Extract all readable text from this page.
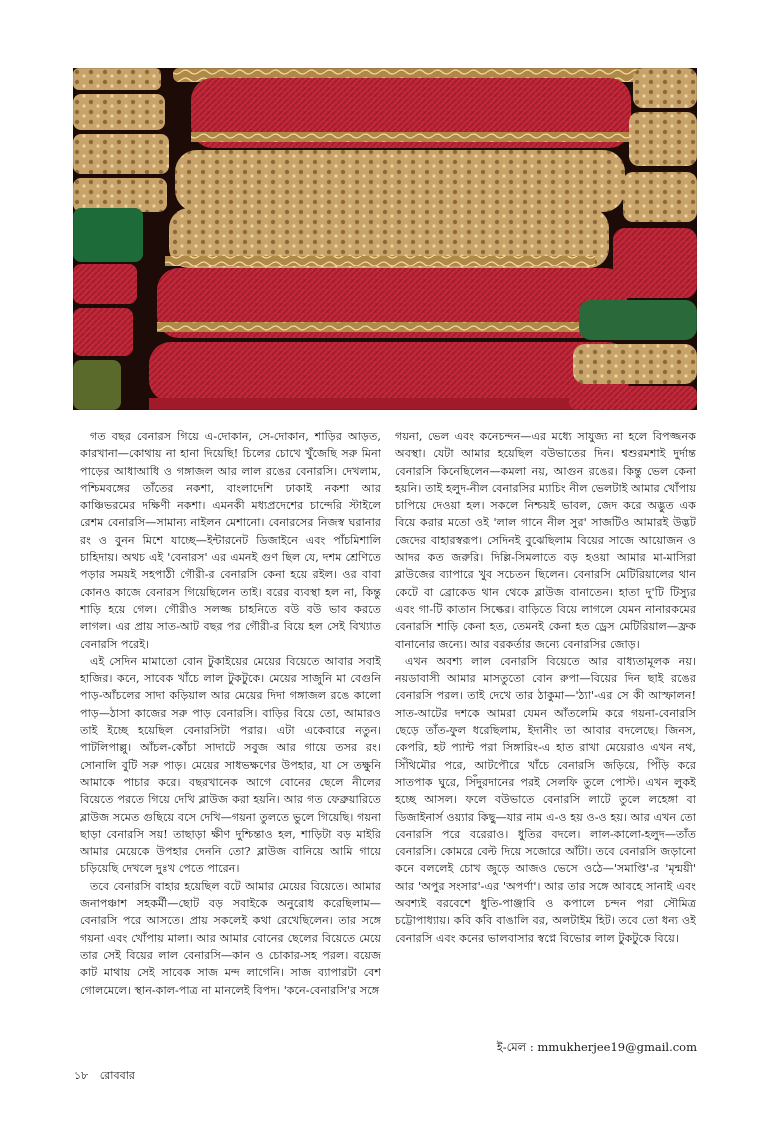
গত বছর বেনারস গিয়ে এ-দোকান, সে-দোকান, শাড়ির আড়ত, কারখানা—কোথায় না হানা দিয়েছি! চিলের চোখে খুঁজেছি সরু মিনা পাড়ের আধাআধি ও গঙ্গাজল আর লাল রঙের বেনারসি। দেখলাম, পশ্চিমবঙ্গের তাঁতের নকশা, বাংলাদেশি ঢাকাই নকশা আর কাঞ্চিভরমের দক্ষিণী নকশা। এমনকী মধ্যপ্রদেশের চান্দেরি স্টাইলে রেশম বেনারসি—সামান্য নাইলন মেশানো। বেনারসের নিজস্ব ঘরানার রং ও বুনন মিশে যাচ্ছে—ইন্টারনেট ডিজাইনে এবং পাঁচমিশালি চাহিদায়। অথচ এই 'বেনারস' এর এমনই গুণ ছিল যে, দশম শ্রেণিতে পড়ার সময়ই সহপাঠী গৌরী-র বেনারসি কেনা হয়ে রইল। ওর বাবা কোনও কাজে বেনারস গিয়েছিলেন তাই। বরের ব্যবস্থা হল না, কিন্তু শাড়ি হয়ে গেল। গৌরীও সলজ্জ চাহনিতে বউ বউ ভাব করতে লাগল। এর প্রায় সাত-আট বছর পর গৌরী-র বিয়ে হল সেই বিখ্যাত বেনারসি পরেই।

এই সেদিন মামাতো বোন টুকাইয়ের মেয়ের বিয়েতে আবার সবাই হাজির। কনে, সাবেক খাঁচে লাল টুকটুকে। মেয়ের সাজুনি মা বেগুনি পাড়-আঁচলের সাদা কড়িয়াল আর মেয়ের দিদা গঙ্গাজল রঙে কালো পাড়—ঠাসা কাজের সরু পাড় বেনারসি। বাড়ির বিয়ে তো, আমারও তাই ইচ্ছে হয়েছিল বেনারসিটা পরার। এটা একেবারে নতুন। পাটলিপাল্লু। আঁচল-কোঁচা সাদাটে সবুজ আর গায়ে তসর রং। সোনালি বুটি সরু পাড়। মেয়ের সাধভক্ষণের উপহার, যা সে তক্ষুনি আমাকে পাচার করে। বছরখানেক আগে বোনের ছেলে নীলের বিয়েতে পরতে গিয়ে দেখি ব্লাউজ করা হয়নি। আর গত ফেব্রুয়ারিতে ব্লাউজ সমেত গুছিয়ে বসে দেখি—গয়না তুলতে ভুলে গিয়েছি। গয়না ছাড়া বেনারসি সয়! তাছাড়া ক্ষীণ দুশ্চিন্তাও হল, শাড়িটা বড় মাইরি আমার মেয়েকে উপহার দেননি তো? ব্লাউজ বানিয়ে আমি গায়ে চড়িয়েছি দেখলে দুঃখ পেতে পারেন।

তবে বেনারসি বাহার হয়েছিল বটে আমার মেয়ের বিয়েতে। আমার জনাপঞ্চাশ সহকর্মী—ছোট বড় সবাইকে অনুরোধ করেছিলাম—বেনারসি পরে আসতে। প্রায় সকলেই কথা রেখেছিলেন। তার সঙ্গে গয়না এবং খোঁপায় মালা। আর আমার বোনের ছেলের বিয়েতে মেয়ে তার সেই বিয়ের লাল বেনারসি—কান ও চোকার-সহ পরল। বয়েজ কাট মাথায় সেই সাবেক সাজ মন্দ লাগেনি। সাজ ব্যাপারটা বেশ গোলমেলে। স্থান-কাল-পাত্র না মানলেই বিপদ। 'কনে-বেনারসি'র সঙ্গে

গয়না, ভেল এবং কনেচন্দন—এর মধ্যে সাযুজ্য না হলে বিপজ্জনক অবস্থা। যেটা আমার হয়েছিল বউভাতের দিন। শ্বশুরমশাই দুর্দান্ত বেনারসি কিনেছিলেন—কমলা নয়, আগুন রঙের। কিন্তু ভেল কেনা হয়নি। তাই হলুদ-নীল বেনারসির ম্যাচিং নীল ভেলটাই আমার খোঁপায় চাপিয়ে দেওয়া হল। সকলে নিশ্চয়ই ভাবল, জেদ করে অদ্ভুত এক বিয়ে করার মতো ওই 'লাল গানে নীল সুর' সাজটিও আমারই উদ্ভট জেদের বাহারস্বরূপ। সেদিনই বুঝেছিলাম বিয়ের সাজে আয়োজন ও আদর কত জরুরি। দিল্লি-সিমলাতে বড় হওয়া আমার মা-মাসিরা ব্লাউজের ব্যাপারে খুব সচেতন ছিলেন। বেনারসি মেটিরিয়ালের থান কেটে বা ব্রোকেড থান থেকে ব্লাউজ বানাতেন। হাতা দু'টি টিস্যুর এবং গা-টি কাতান সিল্কের। বাড়িতে বিয়ে লাগলে যেমন নানারকমের বেনারসি শাড়ি কেনা হত, তেমনই কেনা হত ড্রেস মেটিরিয়াল—ফ্রক বানানোর জন্যে। আর বরকর্তার জন্যে বেনারসির জোড়।

এখন অবশ্য লাল বেনারসি বিয়েতে আর বাধ্যতামূলক নয়। নয়ডাবাসী আমার মাসতুতো বোন রুপা—বিয়ের দিন ছাই রঙের বেনারসি পরল। তাই দেখে তার ঠাকুমা—'ঠ্যা'-এর সে কী আস্ফালন! সাত-আটের দশকে আমরা যেমন আঁতলেমি করে গয়না-বেনারসি ছেড়ে তাঁত-ফুল ধরেছিলাম, ইদানীং তা আবার বদলেছে। জিনস, কেপরি, হট প্যান্ট পরা সিঙ্গারিং-এ হাত রাখা মেয়েরাও এখন নথ, সিঁথিমৌর পরে, আটপৌরে খাঁচে বেনারসি জড়িয়ে, পিঁড়ি করে সাতপাক ঘুরে, সিঁদুরদানের পরই সেলফি তুলে পোস্ট। এখন লুকই হচ্ছে আসল। ফলে বউভাতে বেনারসি লাটে তুলে লহেঙ্গা বা ডিজাইনার্স ওয়্যার কিছু—যার নাম এ-ও হয় ও-ও হয়। আর এখন তো বেনারসি পরে বরেরাও। ধুতির বদলে। লাল-কালো-হলুদ—তাঁত বেনারসি। কোমরে বেল্ট দিয়ে সজোরে আঁটা। তবে বেনারসি জড়ানো কনে বললেই চোখ জুড়ে আজও ভেসে ওঠে—'সমাপ্তি'-র 'মৃন্ময়ী' আর 'অপুর সংসার'-এর 'অপর্ণা'। আর তার সঙ্গে আবহে সানাই এবং অবশ্যই বরবেশে ধুতি-পাঞ্জাবি ও কপালে চন্দন পরা সৌমিত্র চট্টোপাধ্যায়। কবি কবি বাঙালি বর, অলটাইম হিট। তবে তো ধন্য ওই বেনারসি এবং কনের ভালবাসার স্বপ্নে বিভোর লাল টুকটুকে বিয়ে।

ই-মেল : mmukherjee19@gmail.com
১৮ রোববার
